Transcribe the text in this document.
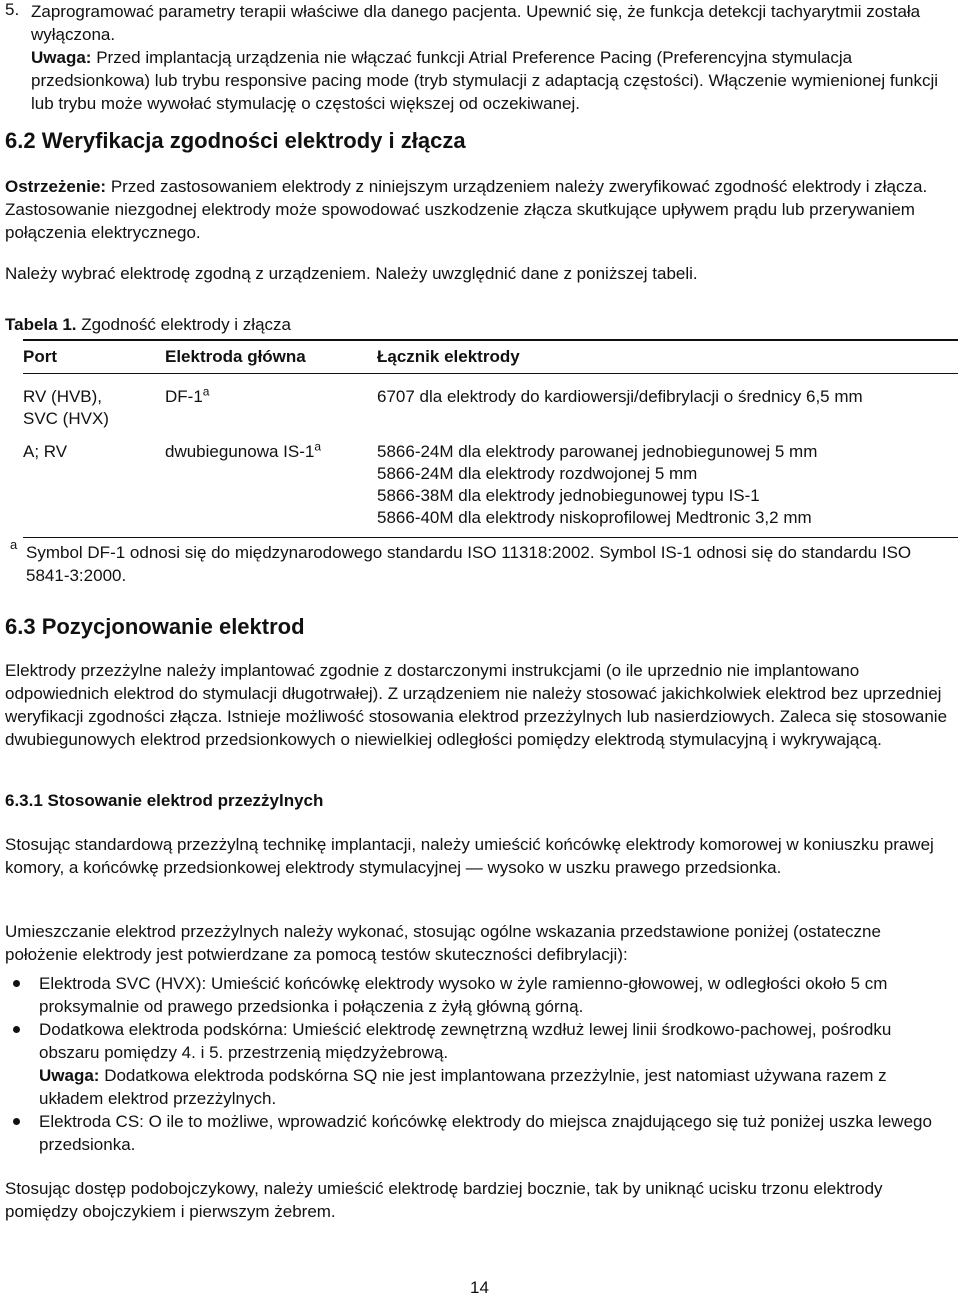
5. Zaprogramować parametry terapii właściwe dla danego pacjenta. Upewnić się, że funkcja detekcji tachyarytmii została wyłączona.

Uwaga: Przed implantacją urządzenia nie włączać funkcji Atrial Preference Pacing (Preferencyjna stymulacja przedsionkowa) lub trybu responsive pacing mode (tryb stymulacji z adaptacją częstości). Włączenie wymienionej funkcji lub trybu może wywołać stymulację o częstości większej od oczekiwanej.

6.2 Weryfikacja zgodności elektrody i złącza

Ostrzeżenie: Przed zastosowaniem elektrody z niniejszym urządzeniem należy zweryfikować zgodność elektrody i złącza. Zastosowanie niezgodnej elektrody może spowodować uszkodzenie złącza skutkujące upływem prądu lub przerywaniem połączenia elektrycznego.

Należy wybrać elektrodę zgodną z urządzeniem. Należy uwzględnić dane z poniższej tabeli.

Tabela 1. Zgodność elektrody i złącza

Port	Elektroda główna	Łącznik elektrody

RV (HVB),
SVC (HVX)	DF-1$^a$	6707 dla elektrody do kardiowersji/defibrylacji o średnicy 6,5 mm

A; RV	dwubiegunowa IS-1$^a$	5866-24M dla elektrody parowanej jednobiegunowej 5 mm
5866-24M dla elektrody rozdwojonej 5 mm
5866-38M dla elektrody jednobiegunowej typu IS-1
5866-40M dla elektrody niskoprofilowej Medtronic 3,2 mm
a Symbol DF-1 odnosi się do międzynarodowego standardu ISO 11318:2002. Symbol IS-1 odnosi się do standardu ISO 5841-3:2000.

6.3 Pozycjonowanie elektrod

Elektrody przezżylne należy implantować zgodnie z dostarczonymi instrukcjami (o ile uprzednio nie implantowano odpowiednich elektrod do stymulacji długotrwałej). Z urządzeniem nie należy stosować jakichkolwiek elektrod bez uprzedniej weryfikacji zgodności złącza. Istnieje możliwość stosowania elektrod przezżylnych lub nasierdziowych. Zaleca się stosowanie dwubiegunowych elektrod przedsionkowych o niewielkiej odległości pomiędzy elektrodą stymulacyjną i wykrywającą.

6.3.1 Stosowanie elektrod przezżylnych

Stosując standardową przezżylną technikę implantacji, należy umieścić końcówkę elektrody komorowej w koniuszku prawej komory, a końcówkę przedsionkowej elektrody stymulacyjnej — wysoko w uszku prawego przedsionka.

Umieszczanie elektrod przezżylnych należy wykonać, stosując ogólne wskazania przedstawione poniżej (ostateczne położenie elektrody jest potwierdzane za pomocą testów skuteczności defibrylacji):

Elektroda SVC (HVX): Umieścić końcówkę elektrody wysoko w żyle ramienno-głowowej, w odległości około 5 cm proksymalnie od prawego przedsionka i połączenia z żyłą główną górną.
Dodatkowa elektroda podskórna: Umieścić elektrodę zewnętrzną wzdłuż lewej linii środkowo-pachowej, pośrodku obszaru pomiędzy 4. i 5. przestrzenią międzyżebrową.
Uwaga: Dodatkowa elektroda podskórna SQ nie jest implantowana przezżylnie, jest natomiast używana razem z układem elektrod przezżylnych.
Elektroda CS: O ile to możliwe, wprowadzić końcówkę elektrody do miejsca znajdującego się tuż poniżej uszka lewego przedsionka.

Stosując dostęp podobojczykowy, należy umieścić elektrodę bardziej bocznie, tak by uniknąć ucisku trzonu elektrody pomiędzy obojczykiem i pierwszym żebrem.

14
